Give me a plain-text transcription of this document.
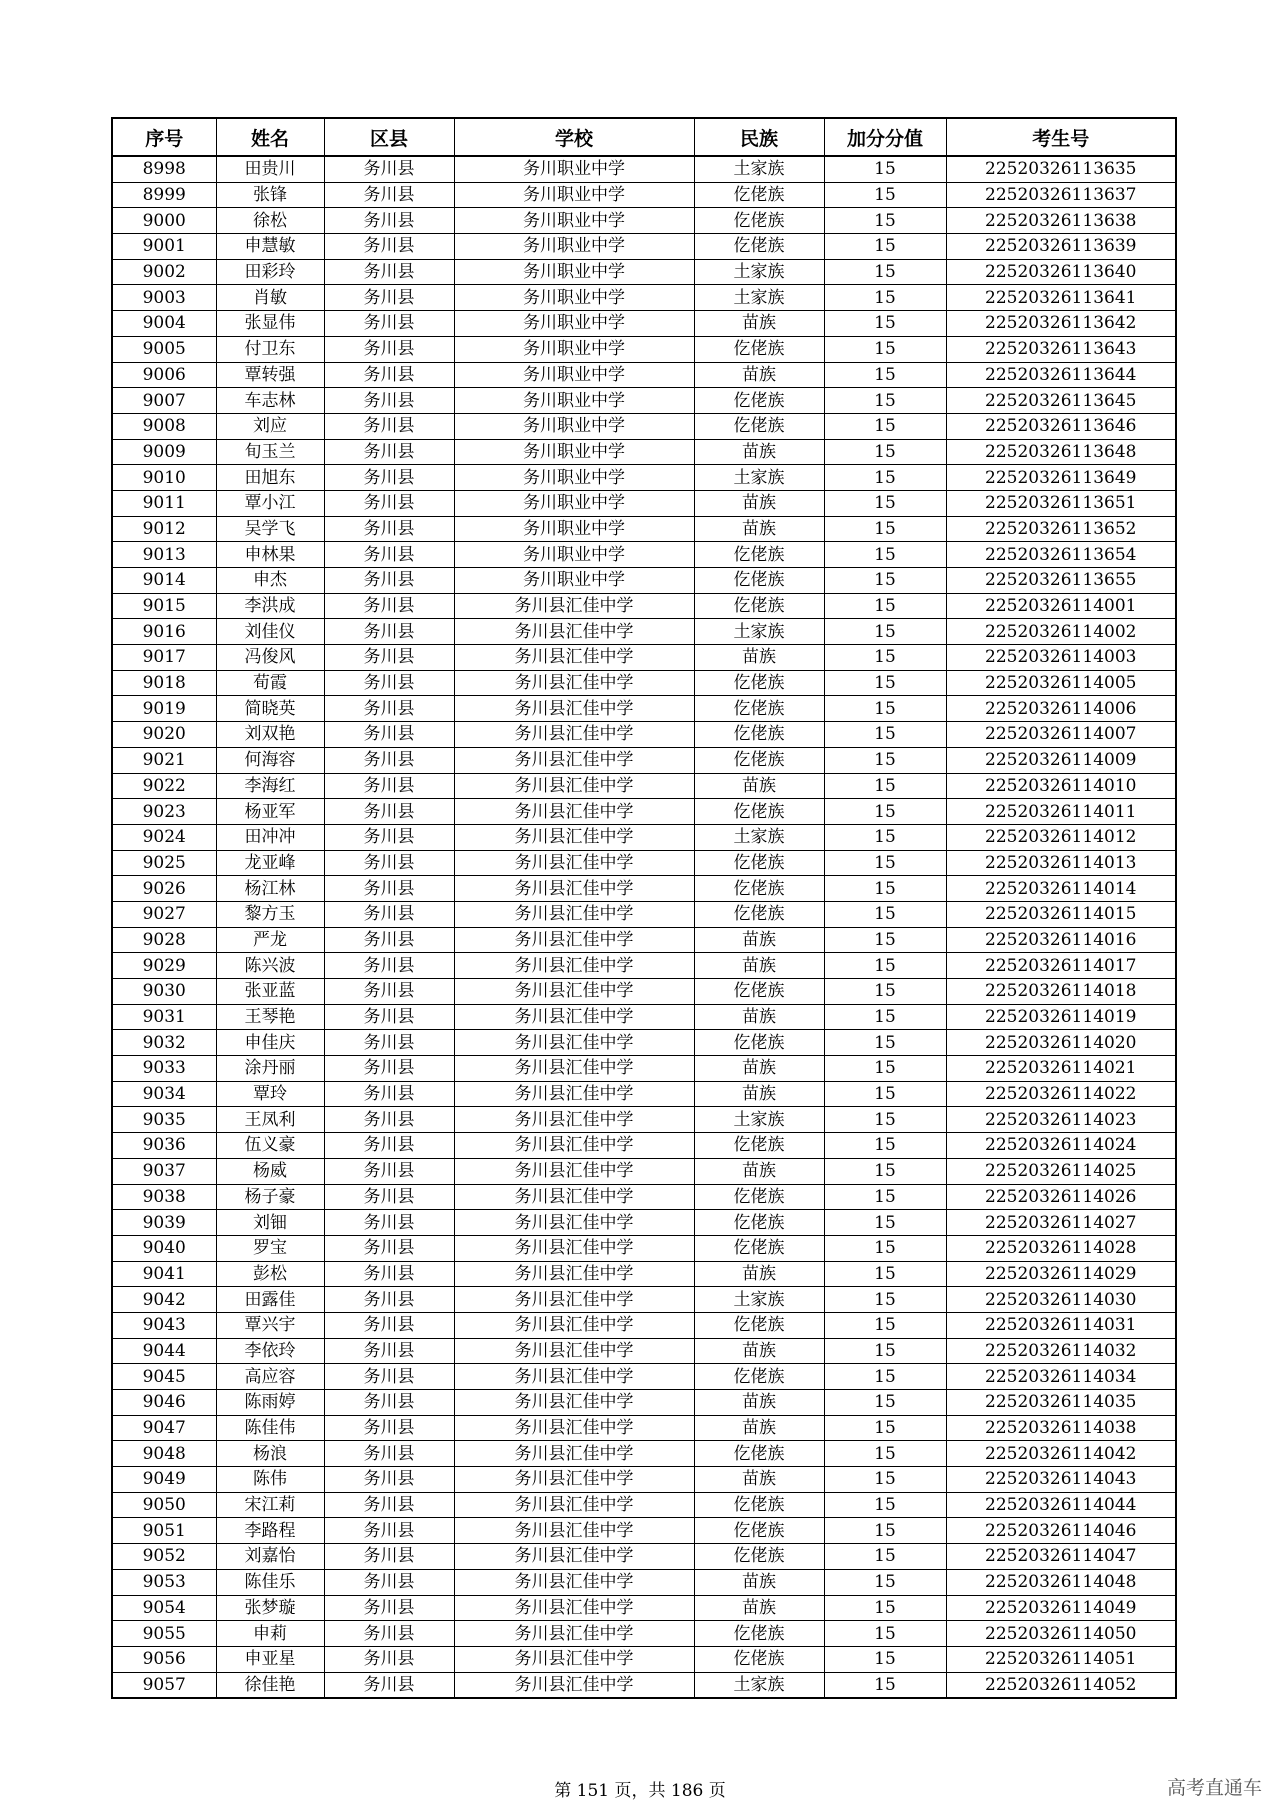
序号	姓名	区县	学校	民族	加分分值	考生号
8998	田贵川	务川县	务川职业中学	土家族	15	22520326113635
8999	张锋	务川县	务川职业中学	仡佬族	15	22520326113637
9000	徐松	务川县	务川职业中学	仡佬族	15	22520326113638
9001	申慧敏	务川县	务川职业中学	仡佬族	15	22520326113639
9002	田彩玲	务川县	务川职业中学	土家族	15	22520326113640
9003	肖敏	务川县	务川职业中学	土家族	15	22520326113641
9004	张显伟	务川县	务川职业中学	苗族	15	22520326113642
9005	付卫东	务川县	务川职业中学	仡佬族	15	22520326113643
9006	覃转强	务川县	务川职业中学	苗族	15	22520326113644
9007	车志林	务川县	务川职业中学	仡佬族	15	22520326113645
9008	刘应	务川县	务川职业中学	仡佬族	15	22520326113646
9009	旬玉兰	务川县	务川职业中学	苗族	15	22520326113648
9010	田旭东	务川县	务川职业中学	土家族	15	22520326113649
9011	覃小江	务川县	务川职业中学	苗族	15	22520326113651
9012	吴学飞	务川县	务川职业中学	苗族	15	22520326113652
9013	申林果	务川县	务川职业中学	仡佬族	15	22520326113654
9014	申杰	务川县	务川职业中学	仡佬族	15	22520326113655
9015	李洪成	务川县	务川县汇佳中学	仡佬族	15	22520326114001
9016	刘佳仪	务川县	务川县汇佳中学	土家族	15	22520326114002
9017	冯俊风	务川县	务川县汇佳中学	苗族	15	22520326114003
9018	荀霞	务川县	务川县汇佳中学	仡佬族	15	22520326114005
9019	简晓英	务川县	务川县汇佳中学	仡佬族	15	22520326114006
9020	刘双艳	务川县	务川县汇佳中学	仡佬族	15	22520326114007
9021	何海容	务川县	务川县汇佳中学	仡佬族	15	22520326114009
9022	李海红	务川县	务川县汇佳中学	苗族	15	22520326114010
9023	杨亚军	务川县	务川县汇佳中学	仡佬族	15	22520326114011
9024	田冲冲	务川县	务川县汇佳中学	土家族	15	22520326114012
9025	龙亚峰	务川县	务川县汇佳中学	仡佬族	15	22520326114013
9026	杨江林	务川县	务川县汇佳中学	仡佬族	15	22520326114014
9027	黎方玉	务川县	务川县汇佳中学	仡佬族	15	22520326114015
9028	严龙	务川县	务川县汇佳中学	苗族	15	22520326114016
9029	陈兴波	务川县	务川县汇佳中学	苗族	15	22520326114017
9030	张亚蓝	务川县	务川县汇佳中学	仡佬族	15	22520326114018
9031	王琴艳	务川县	务川县汇佳中学	苗族	15	22520326114019
9032	申佳庆	务川县	务川县汇佳中学	仡佬族	15	22520326114020
9033	涂丹丽	务川县	务川县汇佳中学	苗族	15	22520326114021
9034	覃玲	务川县	务川县汇佳中学	苗族	15	22520326114022
9035	王凤利	务川县	务川县汇佳中学	土家族	15	22520326114023
9036	伍义豪	务川县	务川县汇佳中学	仡佬族	15	22520326114024
9037	杨威	务川县	务川县汇佳中学	苗族	15	22520326114025
9038	杨子豪	务川县	务川县汇佳中学	仡佬族	15	22520326114026
9039	刘钿	务川县	务川县汇佳中学	仡佬族	15	22520326114027
9040	罗宝	务川县	务川县汇佳中学	仡佬族	15	22520326114028
9041	彭松	务川县	务川县汇佳中学	苗族	15	22520326114029
9042	田露佳	务川县	务川县汇佳中学	土家族	15	22520326114030
9043	覃兴宇	务川县	务川县汇佳中学	仡佬族	15	22520326114031
9044	李依玲	务川县	务川县汇佳中学	苗族	15	22520326114032
9045	高应容	务川县	务川县汇佳中学	仡佬族	15	22520326114034
9046	陈雨婷	务川县	务川县汇佳中学	苗族	15	22520326114035
9047	陈佳伟	务川县	务川县汇佳中学	苗族	15	22520326114038
9048	杨浪	务川县	务川县汇佳中学	仡佬族	15	22520326114042
9049	陈伟	务川县	务川县汇佳中学	苗族	15	22520326114043
9050	宋江莉	务川县	务川县汇佳中学	仡佬族	15	22520326114044
9051	李路程	务川县	务川县汇佳中学	仡佬族	15	22520326114046
9052	刘嘉怡	务川县	务川县汇佳中学	仡佬族	15	22520326114047
9053	陈佳乐	务川县	务川县汇佳中学	苗族	15	22520326114048
9054	张梦璇	务川县	务川县汇佳中学	苗族	15	22520326114049
9055	申莉	务川县	务川县汇佳中学	仡佬族	15	22520326114050
9056	申亚星	务川县	务川县汇佳中学	仡佬族	15	22520326114051
9057	徐佳艳	务川县	务川县汇佳中学	土家族	15	22520326114052
第 151 页，共 186 页	高考直通车
